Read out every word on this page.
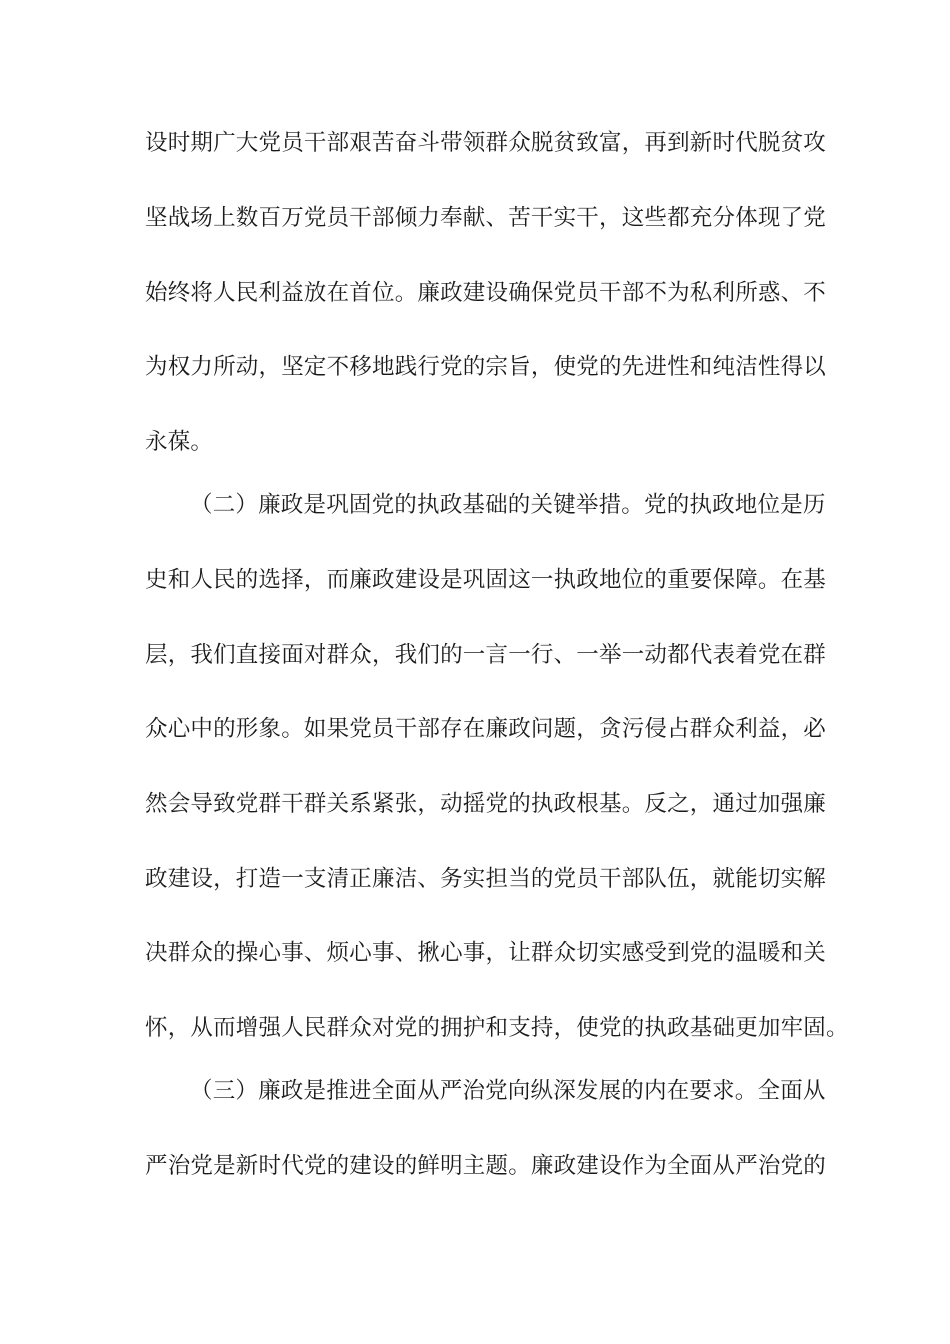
设时期广大党员干部艰苦奋斗带领群众脱贫致富，再到新时代脱贫攻
坚战场上数百万党员干部倾力奉献、苦干实干，这些都充分体现了党
始终将人民利益放在首位。廉政建设确保党员干部不为私利所惑、不
为权力所动，坚定不移地践行党的宗旨，使党的先进性和纯洁性得以
永葆。
（二）廉政是巩固党的执政基础的关键举措。党的执政地位是历
史和人民的选择，而廉政建设是巩固这一执政地位的重要保障。在基
层，我们直接面对群众，我们的一言一行、一举一动都代表着党在群
众心中的形象。如果党员干部存在廉政问题，贪污侵占群众利益，必
然会导致党群干群关系紧张，动摇党的执政根基。反之，通过加强廉
政建设，打造一支清正廉洁、务实担当的党员干部队伍，就能切实解
决群众的操心事、烦心事、揪心事，让群众切实感受到党的温暖和关
怀，从而增强人民群众对党的拥护和支持，使党的执政基础更加牢固。
（三）廉政是推进全面从严治党向纵深发展的内在要求。全面从
严治党是新时代党的建设的鲜明主题。廉政建设作为全面从严治党的
